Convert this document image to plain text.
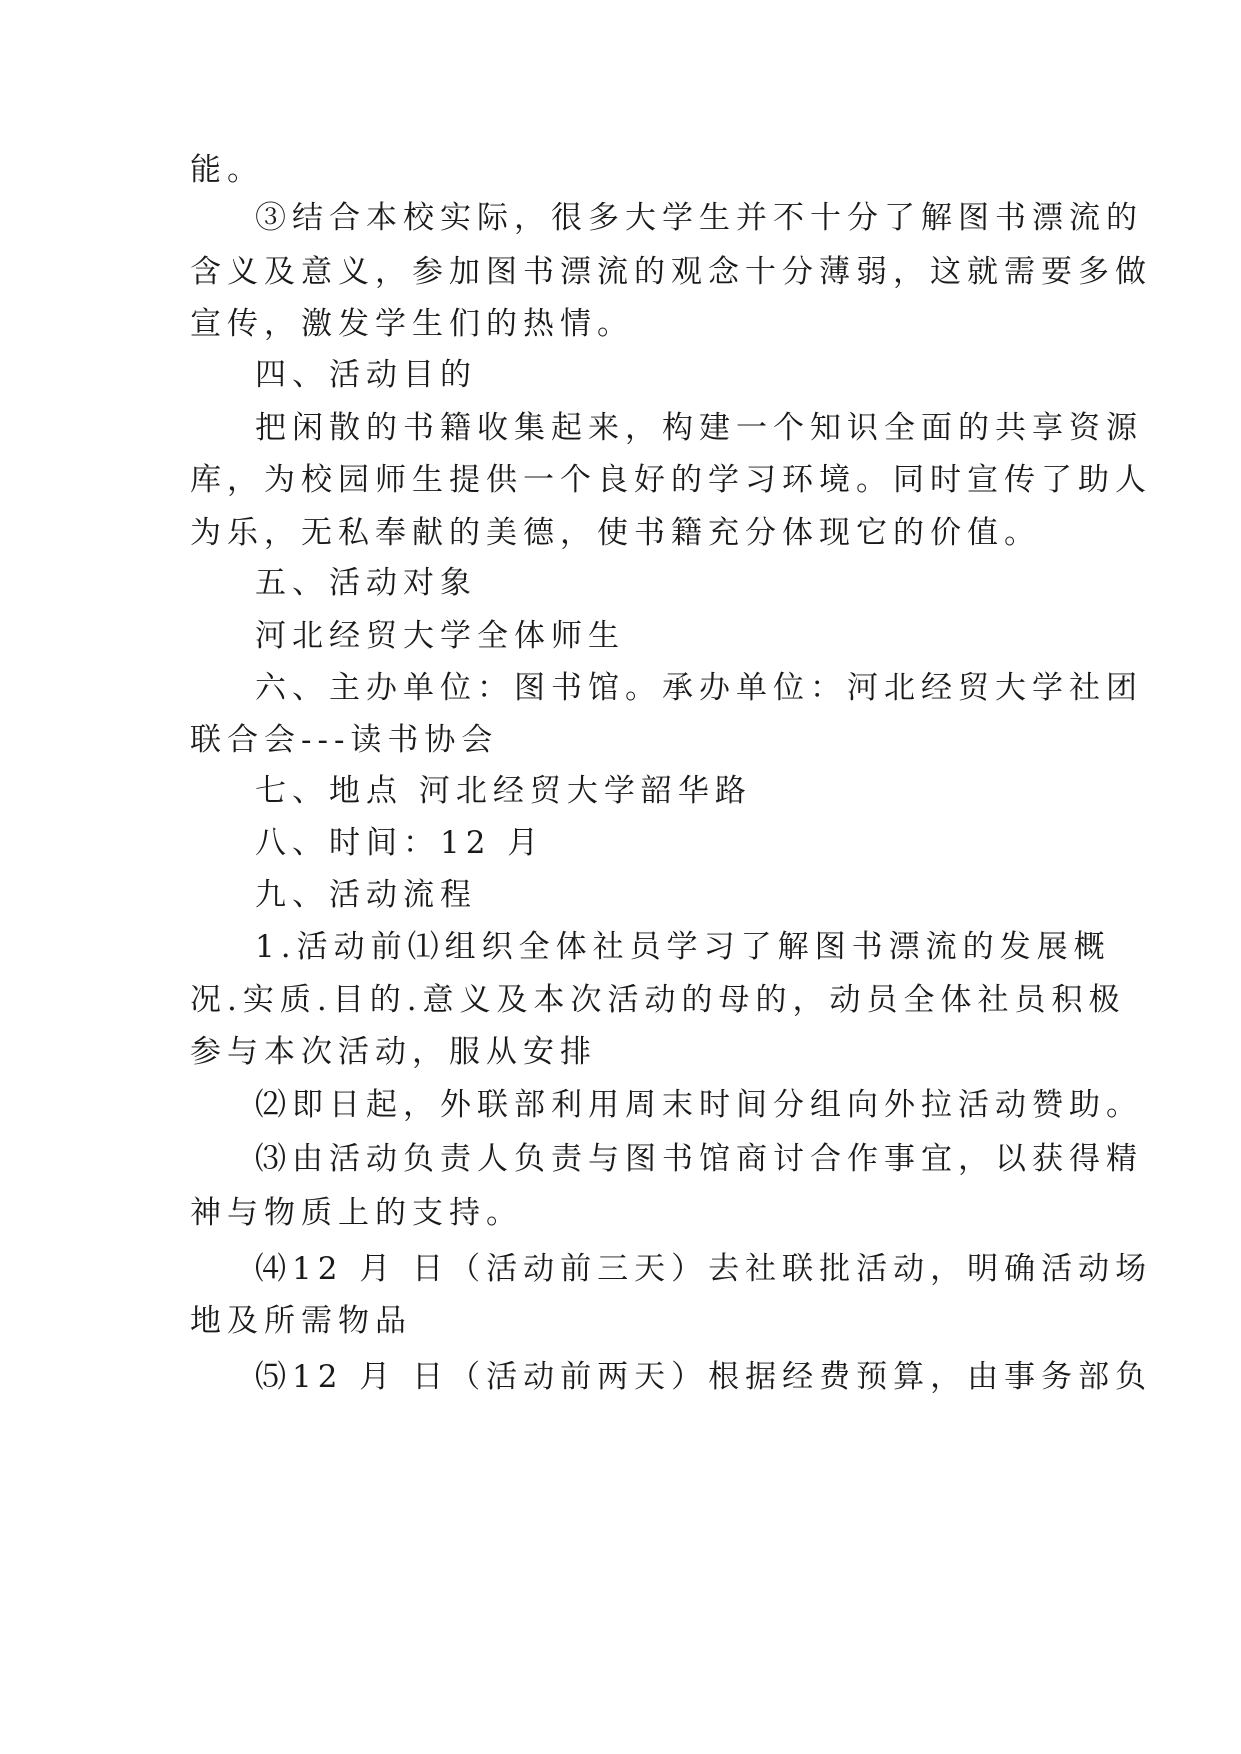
能。

③结合本校实际，很多大学生并不十分了解图书漂流的

含义及意义，参加图书漂流的观念十分薄弱，这就需要多做

宣传，激发学生们的热情。

四、活动目的

把闲散的书籍收集起来，构建一个知识全面的共享资源

库，为校园师生提供一个良好的学习环境。同时宣传了助人

为乐，无私奉献的美德，使书籍充分体现它的价值。

五、活动对象

河北经贸大学全体师生

六、主办单位：图书馆。承办单位：河北经贸大学社团

联合会---读书协会

七、地点 河北经贸大学韶华路

八、时间：12 月

九、活动流程

1.活动前⑴组织全体社员学习了解图书漂流的发展概

况.实质.目的.意义及本次活动的母的，动员全体社员积极

参与本次活动，服从安排

⑵即日起，外联部利用周末时间分组向外拉活动赞助。

⑶由活动负责人负责与图书馆商讨合作事宜，以获得精

神与物质上的支持。

⑷12 月 日（活动前三天）去社联批活动，明确活动场

地及所需物品

⑸12 月 日（活动前两天）根据经费预算，由事务部负
